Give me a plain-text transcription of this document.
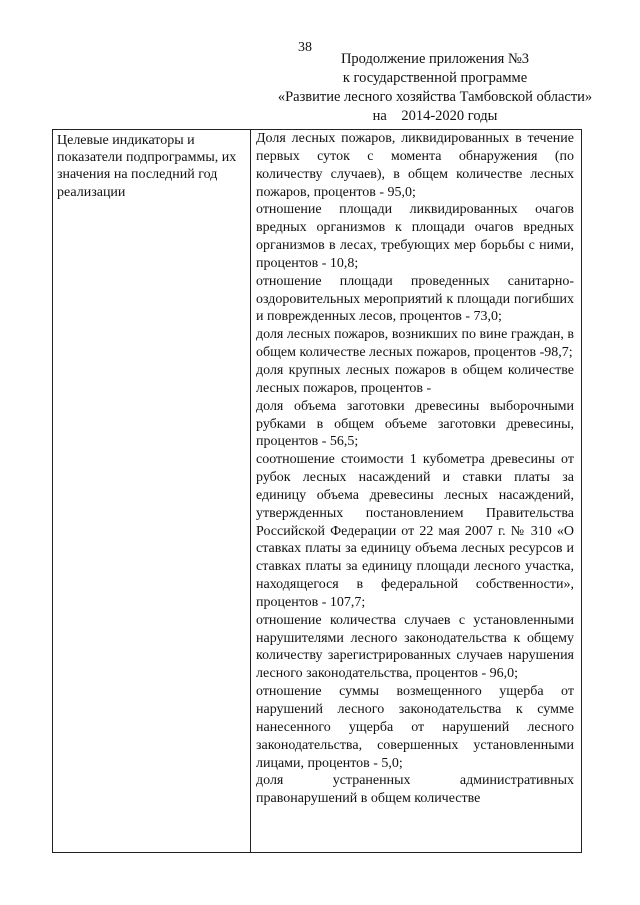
38
Продолжение приложения №3
к государственной программе
«Развитие лесного хозяйства Тамбовской области»
на    2014-2020 годы
Целевые индикаторы и показатели подпрограммы, их значения на последний год реализации

Доля лесных пожаров, ликвидированных в течение первых суток с момента обнаружения (по количеству случаев), в общем количестве лесных пожаров, процентов - 95,0;

отношение площади ликвидированных очагов вредных организмов к площади очагов вредных организмов в лесах, требующих мер борьбы с ними, процентов - 10,8;

отношение площади проведенных санитарно-оздоровительных мероприятий к площади погибших и поврежденных лесов, процентов - 73,0;

доля лесных пожаров, возникших по вине граждан, в общем количестве лесных пожаров, процентов -98,7;

доля крупных лесных пожаров в общем количестве лесных пожаров, процентов -

доля объема заготовки древесины выборочными рубками в общем объеме заготовки древесины, процентов - 56,5;

соотношение стоимости 1 кубометра древесины от рубок лесных насаждений и ставки платы за единицу объема древесины лесных насаждений, утвержденных постановлением Правительства Российской Федерации от 22 мая 2007 г. № 310 «О ставках платы за единицу объема лесных ресурсов и ставках платы за единицу площади лесного участка, находящегося в федеральной собственности», процентов - 107,7;

отношение количества случаев с установленными нарушителями лесного законодательства к общему количеству зарегистрированных случаев нарушения лесного законодательства, процентов - 96,0;

отношение суммы возмещенного ущерба от нарушений лесного законодательства к сумме нанесенного ущерба от нарушений лесного законодательства, совершенных установленными лицами, процентов - 5,0;

доля устраненных административных правонарушений в общем количестве
